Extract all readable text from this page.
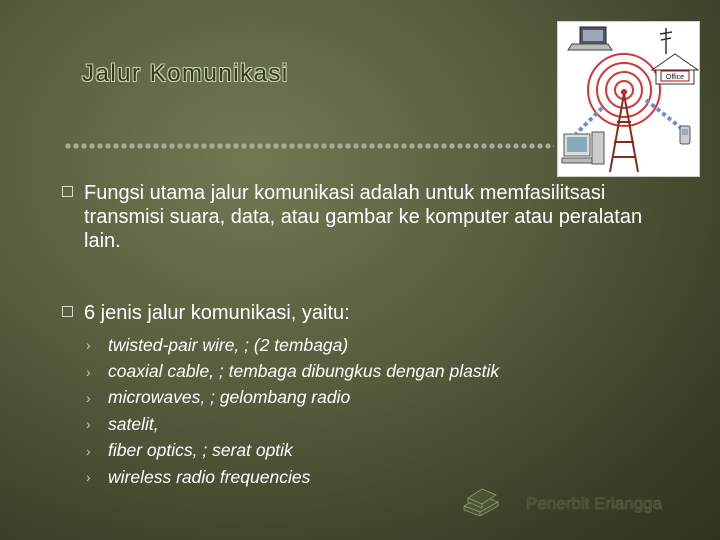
Jalur Komunikasi	Office
Fungsi utama jalur komunikasi adalah untuk memfasilitsasi transmisi suara, data, atau gambar ke komputer atau peralatan lain.
6 jenis jalur komunikasi, yaitu:
› twisted-pair wire, ; (2 tembaga)
› coaxial cable, ; tembaga dibungkus dengan plastik
› microwaves, ; gelombang radio
› satelit,
› fiber optics, ; serat optik
› wireless radio frequencies
Penerbit Erlangga
